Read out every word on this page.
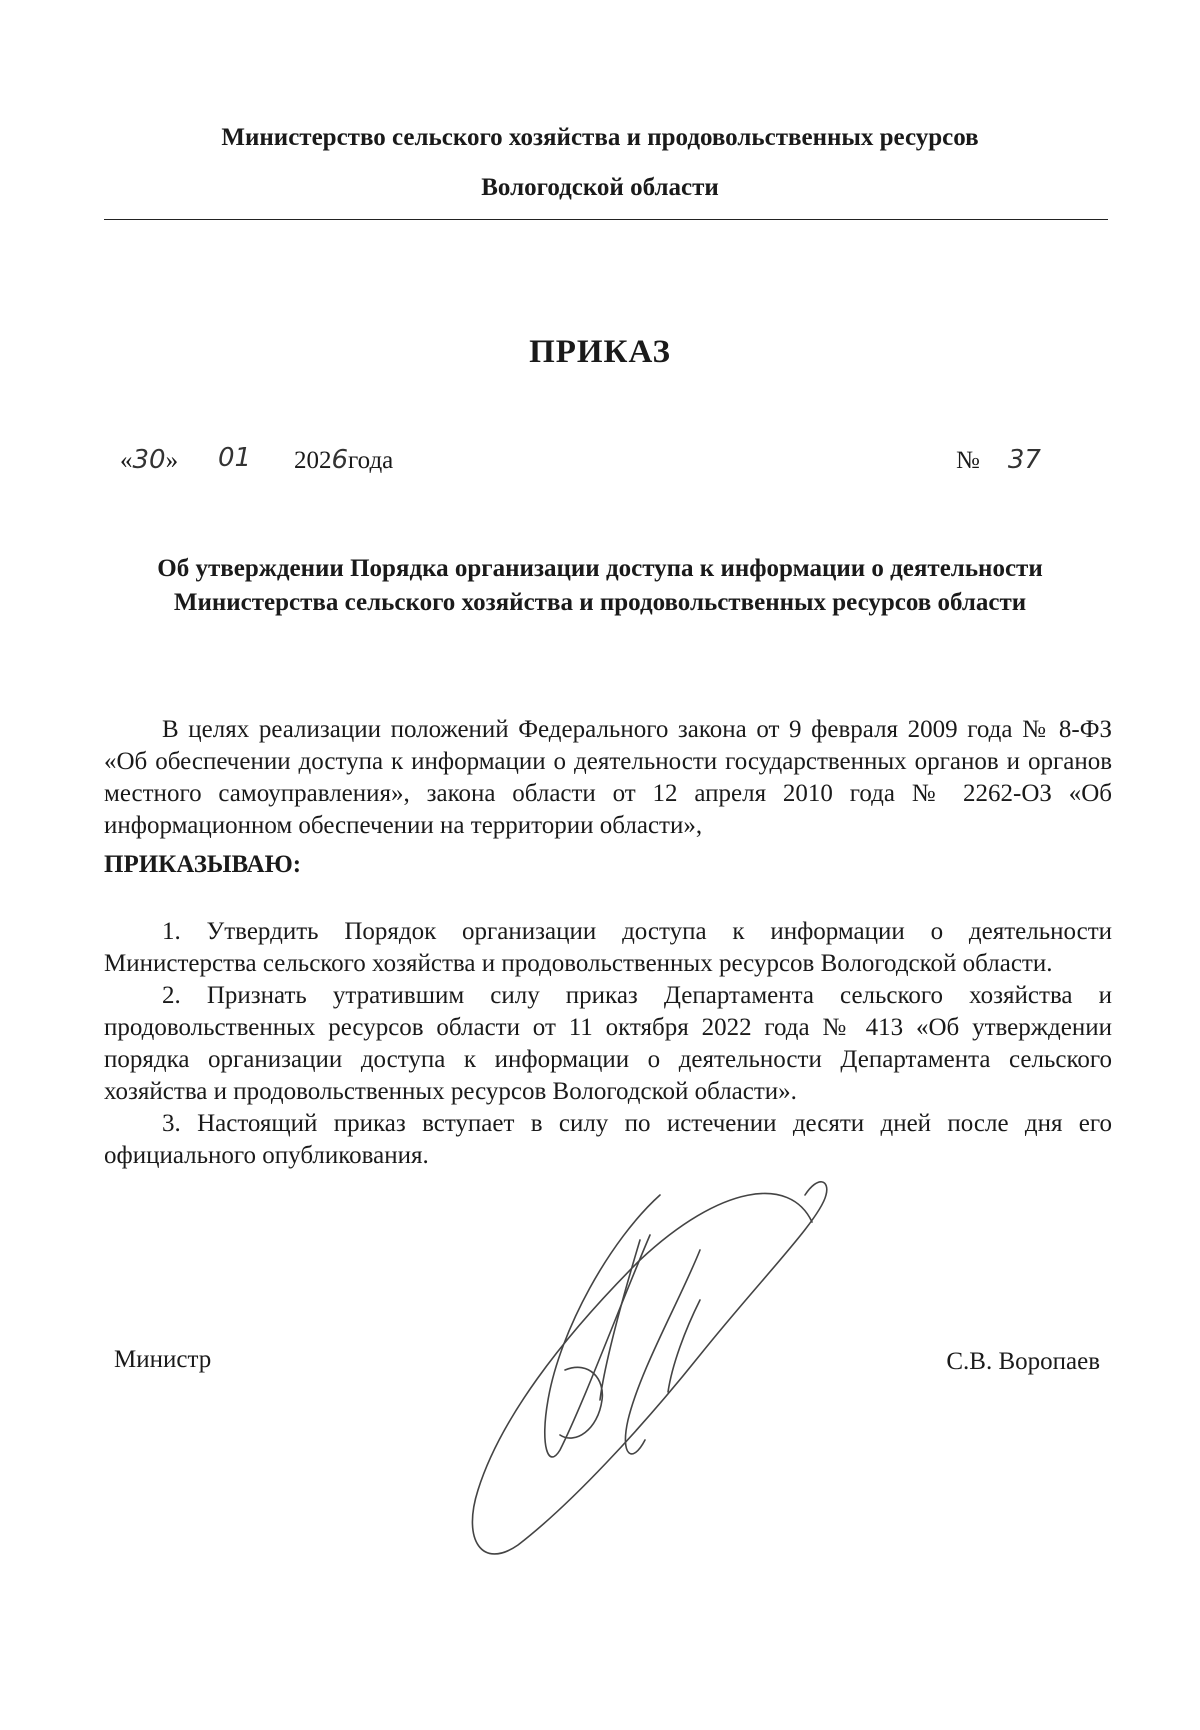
Министерство сельского хозяйства и продовольственных ресурсов
Вологодской области
ПРИКАЗ
«30» 01 2026года	№ 37
Об утверждении Порядка организации доступа к информации о деятельности Министерства сельского хозяйства и продовольственных ресурсов области
В целях реализации положений Федерального закона от 9 февраля 2009 года № 8-ФЗ «Об обеспечении доступа к информации о деятельности государственных органов и органов местного самоуправления», закона области от 12 апреля 2010 года № 2262-ОЗ «Об информационном обеспечении на территории области»,
ПРИКАЗЫВАЮ:

1. Утвердить Порядок организации доступа к информации о деятельности Министерства сельского хозяйства и продовольственных ресурсов Вологодской области.

2. Признать утратившим силу приказ Департамента сельского хозяйства и продовольственных ресурсов области от 11 октября 2022 года № 413 «Об утверждении порядка организации доступа к информации о деятельности Департамента сельского хозяйства и продовольственных ресурсов Вологодской области».

3. Настоящий приказ вступает в силу по истечении десяти дней после дня его официального опубликования.

Министр	С.В. Воропаев
